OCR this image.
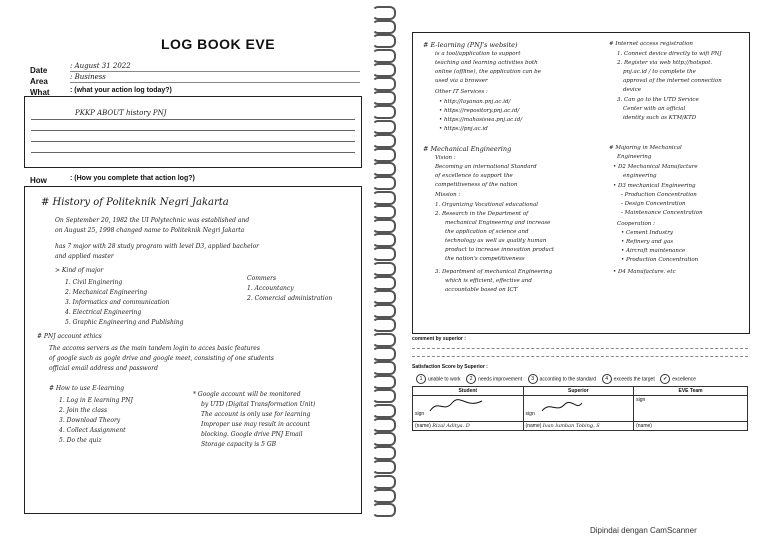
LOG BOOK EVE
Date	: August 31 2022
Area	: Business
What	: (what your action log today?)
PKKP ABOUT history PNJ
How	: (How you complete that action log?)
# History of Politeknik Negri Jakarta
On September 20, 1982 the UI Polytechnic was established and
on August 25, 1998 changed name to Politeknik Negri Jakarta
has 7 major with 28 study program with level D3, applied bachelor
and applied master
> Kind of major
1. Civil Enginering
2. Mechanical Engineering
3. Informatics and communication
4. Electrical Engineering
5. Graphic Engineering and Publishing
Commers
1. Accountancy
2. Comercial administration
# PNJ account ethics
The accoms servers as the main tandem login to acces basic features
of google such as gogle drive and google meet, consisting of one students
official email address and password
# How to use E-learning
1. Log in E learning PNJ
2. Join the class
3. Download Theory
4. Collect Assignment
5. Do the quiz
* Google account will be monitored
by UTD (Digital Transformation Unit)
The account is only use for learning
Improper use may result in account
blocking. Google drive PNJ Email
Storage capacity is 5 GB
# E-learning (PNJ's website)
is a tool/application to support
teaching and learning activities both
online (offline), the application can be
used via a browser
Other IT Services :
• http://layanan.pnj.ac.id/
• https://repository.pnj.ac.id/
• https://mahasiswa.pnj.ac.id/
• https://pnj.ac.id
# Internet access registration
1. Connect device directly to wifi PNJ
2. Register via web http://hotspot.
pnj.ac.id / to complete the
approval of the internet connection
device
3. Can go to the UTD Service
Center with an official
identity such as KTM/KTD
# Mechanical Engineering
Vision :
Becoming an international Standard
of excellence to support the
competitiveness of the nation
Mission :
1. Organizing Vocational educational
2. Research in the Department of
mechanical Engineering and increase
the application of science and
technology as well as quality human
product to increase innovation product
the nation's competitiveness
3. Department of mechanical Engineering
which is efficient, effective and
accountable based on ICT
# Majoring in Mechanical
Engineering
• D2 Mechanical Manufacture
engineering
• D3 mechanical Engineering
- Production Concentration
- Design Concentration
- Maintenance Concentration
Cooperation :
• Cement Industry
• Refinery and gas
• Aircraft maintenance
• Production Concentration
• D4 Manufacture. etc
comment by superior :
Satisfaction Score by Superior :
1 unable to work 2 needs improvement 3 according to the standard 4 exceeds the target ✓ excellence
Student	Superior	EVE Team
sign	sign	sign
(name) Rizal Aditya. D	(name) Ivan lumban Tobing, S	(name)
Dipindai dengan CamScanner
